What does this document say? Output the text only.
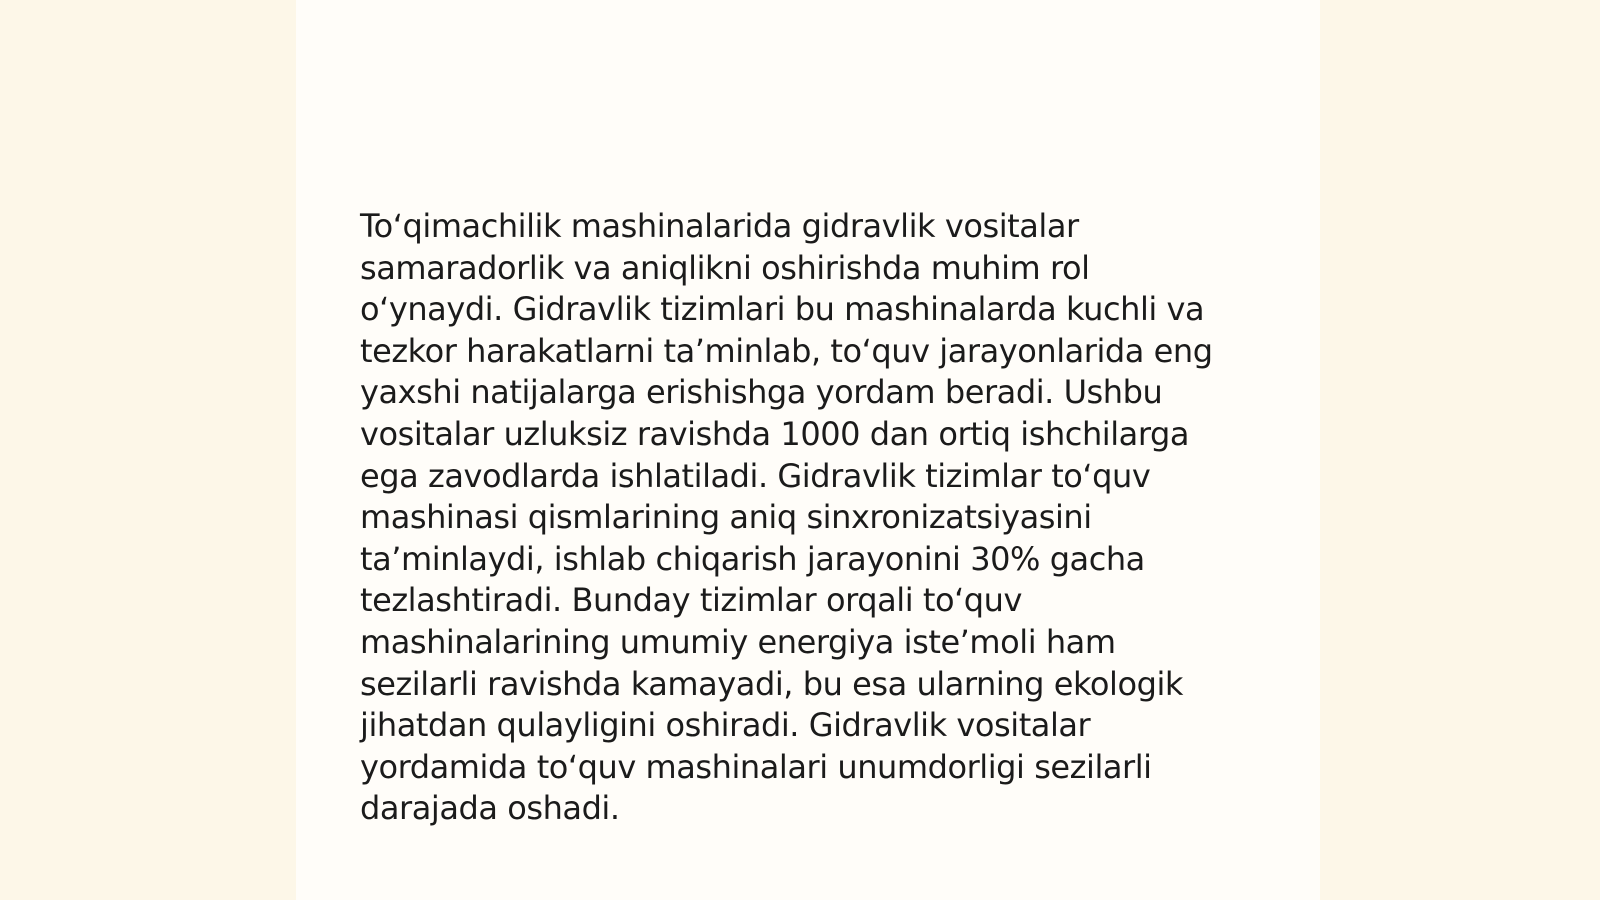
To‘qimachilik mashinalarida gidravlik vositalar
samaradorlik va aniqlikni oshirishda muhim rol
o‘ynaydi. Gidravlik tizimlari bu mashinalarda kuchli va
tezkor harakatlarni ta’minlab, to‘quv jarayonlarida eng
yaxshi natijalarga erishishga yordam beradi. Ushbu
vositalar uzluksiz ravishda 1000 dan ortiq ishchilarga
ega zavodlarda ishlatiladi. Gidravlik tizimlar to‘quv
mashinasi qismlarining aniq sinxronizatsiyasini
ta’minlaydi, ishlab chiqarish jarayonini 30% gacha
tezlashtiradi. Bunday tizimlar orqali to‘quv
mashinalarining umumiy energiya iste’moli ham
sezilarli ravishda kamayadi, bu esa ularning ekologik
jihatdan qulayligini oshiradi. Gidravlik vositalar
yordamida to‘quv mashinalari unumdorligi sezilarli
darajada oshadi.
